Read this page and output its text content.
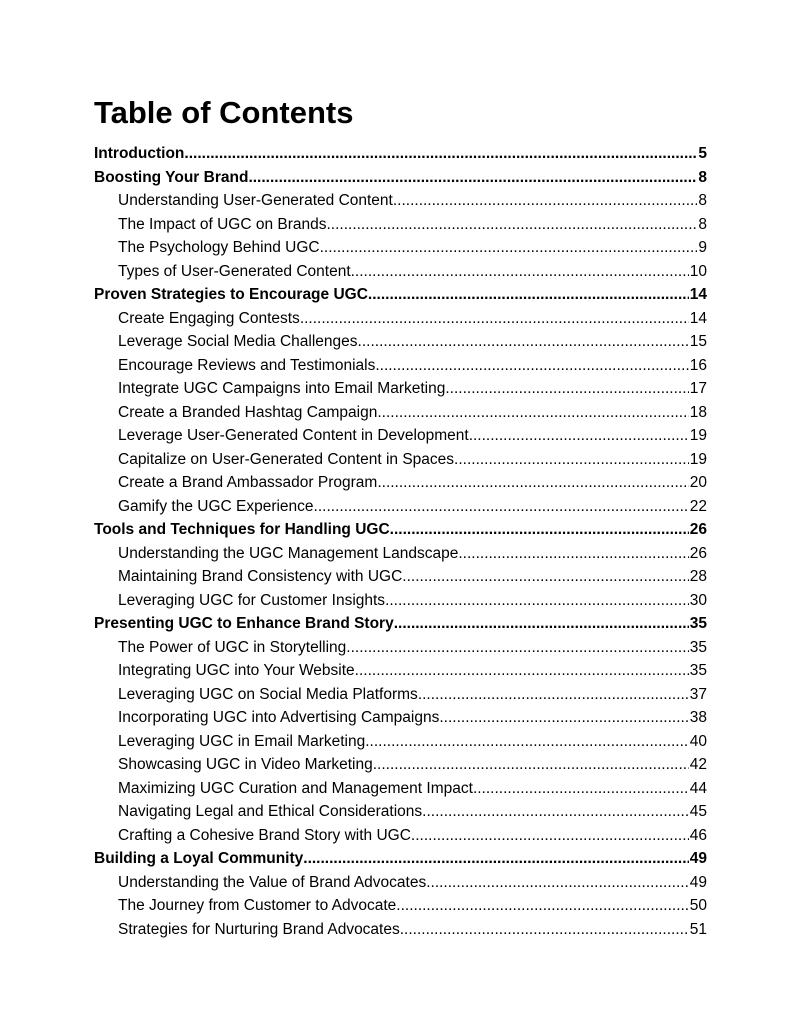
Table of Contents
Introduction .....	5
Boosting Your Brand .....	8
Understanding User-Generated Content .....	8
The Impact of UGC on Brands .....	8
The Psychology Behind UGC .....	9
Types of User-Generated Content .....	10
Proven Strategies to Encourage UGC .....	14
Create Engaging Contests .....	14
Leverage Social Media Challenges .....	15
Encourage Reviews and Testimonials .....	16
Integrate UGC Campaigns into Email Marketing .....	17
Create a Branded Hashtag Campaign .....	18
Leverage User-Generated Content in Development .....	19
Capitalize on User-Generated Content in Spaces .....	19
Create a Brand Ambassador Program .....	20
Gamify the UGC Experience .....	22
Tools and Techniques for Handling UGC .....	26
Understanding the UGC Management Landscape .....	26
Maintaining Brand Consistency with UGC .....	28
Leveraging UGC for Customer Insights .....	30
Presenting UGC to Enhance Brand Story .....	35
The Power of UGC in Storytelling .....	35
Integrating UGC into Your Website .....	35
Leveraging UGC on Social Media Platforms .....	37
Incorporating UGC into Advertising Campaigns .....	38
Leveraging UGC in Email Marketing .....	40
Showcasing UGC in Video Marketing .....	42
Maximizing UGC Curation and Management Impact .....	44
Navigating Legal and Ethical Considerations .....	45
Crafting a Cohesive Brand Story with UGC .....	46
Building a Loyal Community .....	49
Understanding the Value of Brand Advocates .....	49
The Journey from Customer to Advocate .....	50
Strategies for Nurturing Brand Advocates .....	51
